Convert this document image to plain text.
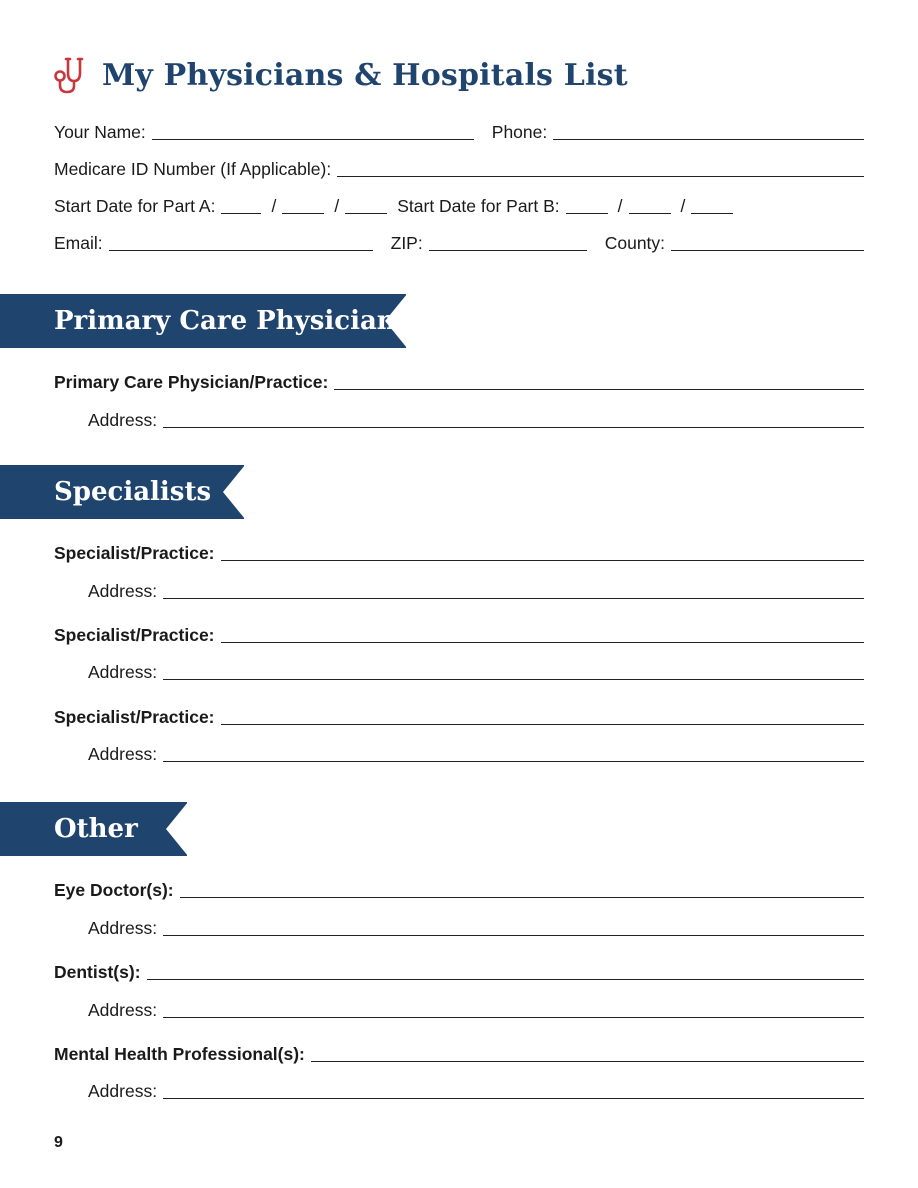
My Physicians & Hospitals List
Your Name:	Phone:
Medicare ID Number (If Applicable):
Start Date for Part A:	/	/	Start Date for Part B:	/	/
Email:	ZIP:	County:
Primary Care Physician
Primary Care Physician/Practice:
Address:
Specialists
Specialist/Practice:
Address:
Specialist/Practice:
Address:
Specialist/Practice:
Address:
Other
Eye Doctor(s):
Address:
Dentist(s):
Address:
Mental Health Professional(s):
Address:
9
